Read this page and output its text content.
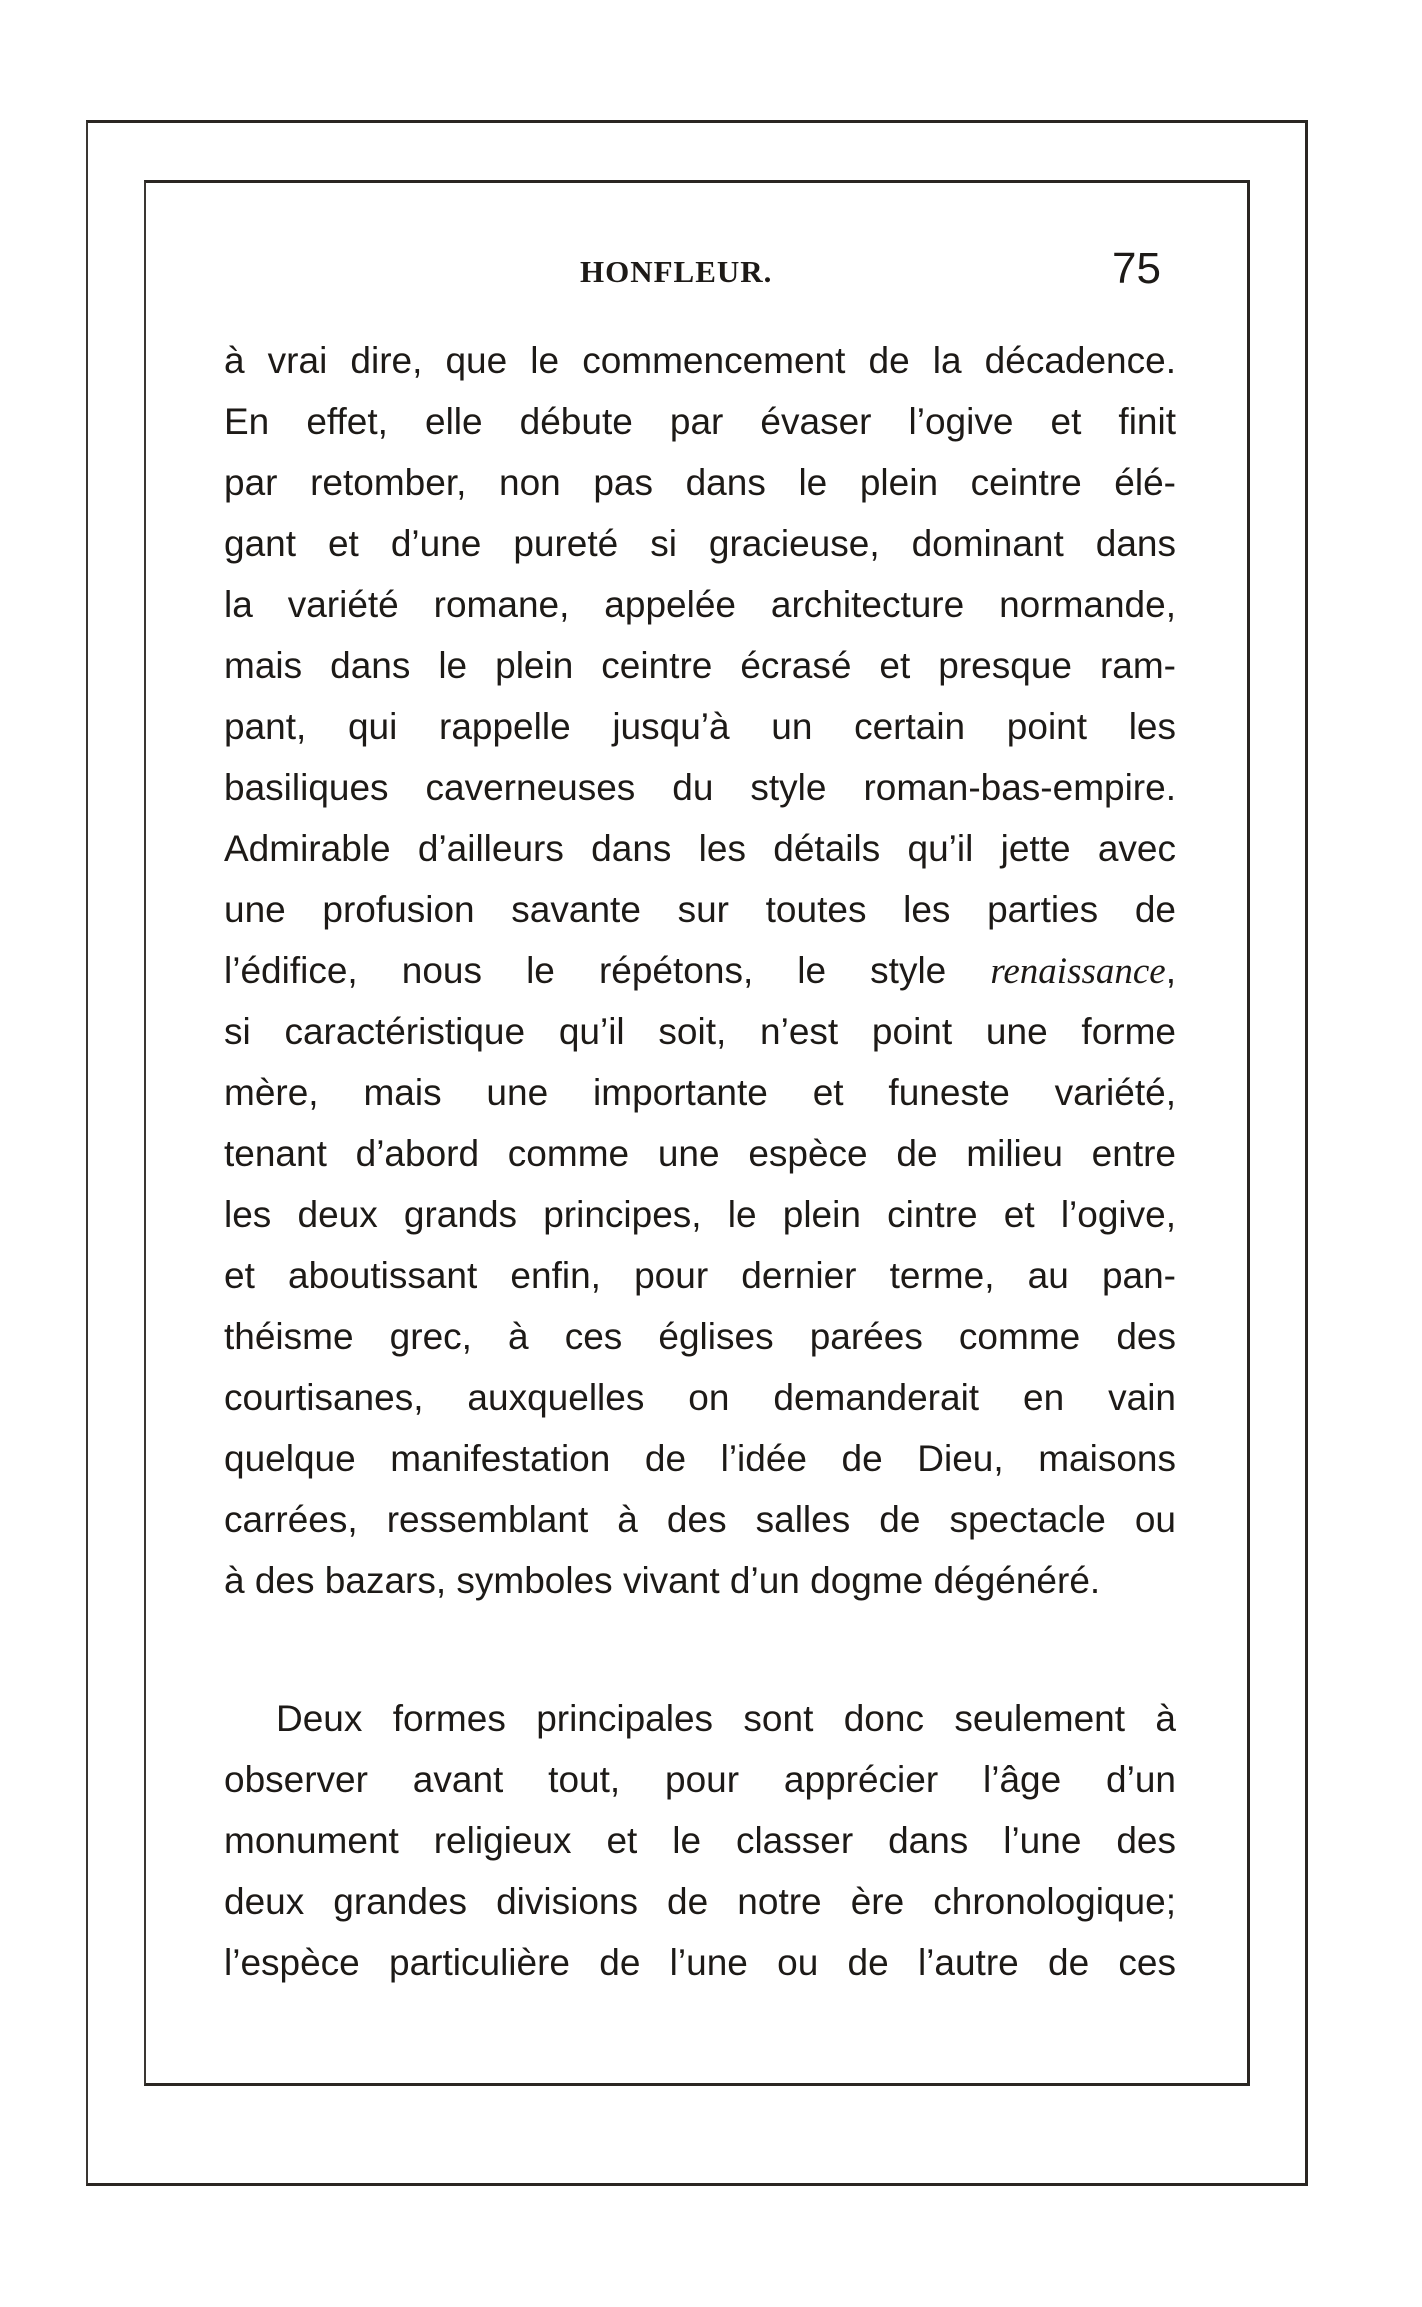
HONFLEUR.	75
à vrai dire, que le commencement de la décadence.
En effet, elle débute par évaser l’ogive et finit
par retomber, non pas dans le plein ceintre élé-
gant et d’une pureté si gracieuse, dominant dans
la variété romane, appelée architecture normande,
mais dans le plein ceintre écrasé et presque ram-
pant, qui rappelle jusqu’à un certain point les
basiliques caverneuses du style roman-bas-empire.
Admirable d’ailleurs dans les détails qu’il jette avec
une profusion savante sur toutes les parties de
l’édifice, nous le répétons, le style renaissance,
si caractéristique qu’il soit, n’est point une forme
mère, mais une importante et funeste variété,
tenant d’abord comme une espèce de milieu entre
les deux grands principes, le plein cintre et l’ogive,
et aboutissant enfin, pour dernier terme, au pan-
théisme grec, à ces églises parées comme des
courtisanes, auxquelles on demanderait en vain
quelque manifestation de l’idée de Dieu, maisons
carrées, ressemblant à des salles de spectacle ou
à des bazars, symboles vivant d’un dogme dégénéré.
Deux formes principales sont donc seulement à
observer avant tout, pour apprécier l’âge d’un
monument religieux et le classer dans l’une des
deux grandes divisions de notre ère chronologique;
l’espèce particulière de l’une ou de l’autre de ces
